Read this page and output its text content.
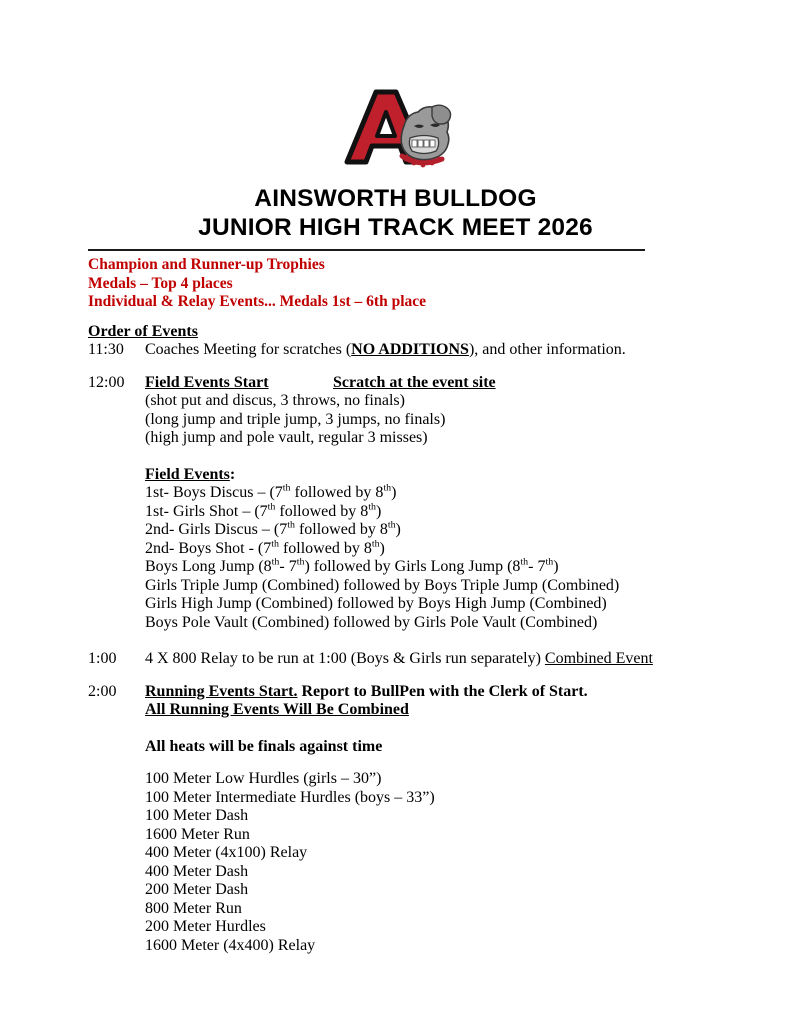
AINSWORTH BULLDOG
JUNIOR HIGH TRACK MEET 2026
Champion and Runner-up Trophies
Medals – Top 4 places
Individual & Relay Events... Medals 1st – 6th place
Order of Events
11:30	Coaches Meeting for scratches (NO ADDITIONS), and other information.
12:00	Field Events Start	Scratch at the event site
(shot put and discus, 3 throws, no finals)
(long jump and triple jump, 3 jumps, no finals)
(high jump and pole vault, regular 3 misses)
Field Events:
1st- Boys Discus – (7th followed by 8th)
1st- Girls Shot – (7th followed by 8th)
2nd- Girls Discus – (7th followed by 8th)
2nd- Boys Shot - (7th followed by 8th)
Boys Long Jump (8th- 7th) followed by Girls Long Jump (8th- 7th)
Girls Triple Jump (Combined) followed by Boys Triple Jump (Combined)
Girls High Jump (Combined) followed by Boys High Jump (Combined)
Boys Pole Vault (Combined) followed by Girls Pole Vault (Combined)
1:00	4 X 800 Relay to be run at 1:00 (Boys & Girls run separately) Combined Event
2:00	Running Events Start. Report to BullPen with the Clerk of Start.
All Running Events Will Be Combined
All heats will be finals against time
100 Meter Low Hurdles (girls – 30”)
100 Meter Intermediate Hurdles (boys – 33”)
100 Meter Dash
1600 Meter Run
400 Meter (4x100) Relay
400 Meter Dash
200 Meter Dash
800 Meter Run
200 Meter Hurdles
1600 Meter (4x400) Relay
